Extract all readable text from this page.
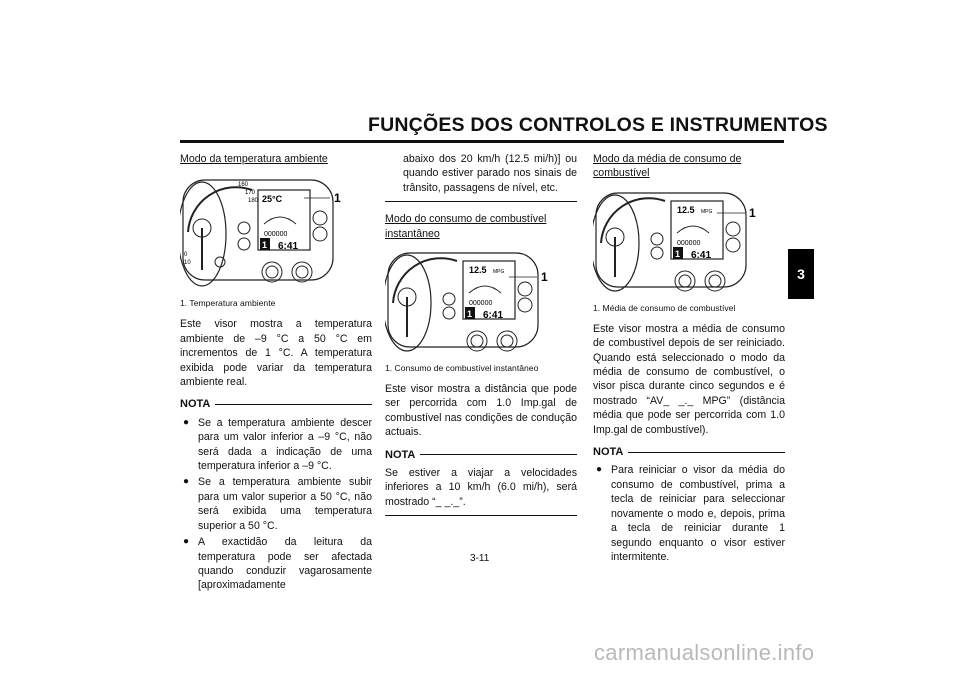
FUNÇÕES DOS CONTROLOS E INSTRUMENTOS
3
Modo da temperatura ambiente
160
170
180
10
0
25°C
000000
1 6:41
1
1. Temperatura ambiente

Este visor mostra a temperatura ambiente de –9 °C a 50 °C em incrementos de 1 °C. A temperatura exibida pode variar da temperatura ambiente real.

NOTA
● Se a temperatura ambiente descer para um valor inferior a –9 °C, não será dada a indicação de uma temperatura inferior a –9 °C.
● Se a temperatura ambiente subir para um valor superior a 50 °C, não será exibida uma temperatura superior a 50 °C.
● A exactidão da leitura da temperatura pode ser afectada quando conduzir vagarosamente [aproximadamente

abaixo dos 20 km/h (12.5 mi/h)] ou quando estiver parado nos sinais de trânsito, passagens de nível, etc.

Modo do consumo de combustível instantâneo
12.5 MPG
000000
1 6:41
1
1. Consumo de combustível instantâneo

Este visor mostra a distância que pode ser percorrida com 1.0 Imp.gal de combustível nas condições de condução actuais.

NOTA

Se estiver a viajar a velocidades inferiores a 10 km/h (6.0 mi/h), será mostrado “_ _._”.

Modo da média de consumo de combustível
12.5 MPG
000000
1 6:41
1
1. Média de consumo de combustível

Este visor mostra a média de consumo de combustível depois de ser reiniciado. Quando está seleccionado o modo da média de consumo de combustível, o visor pisca durante cinco segundos e é mostrado “AV_ _._ MPG” (distância média que pode ser percorrida com 1.0 Imp.gal de combustível).

NOTA
● Para reiniciar o visor da média do consumo de combustível, prima a tecla de reiniciar para seleccionar novamente o modo e, depois, prima a tecla de reiniciar durante 1 segundo enquanto o visor estiver intermitente.
3-11
carmanualsonline.info
